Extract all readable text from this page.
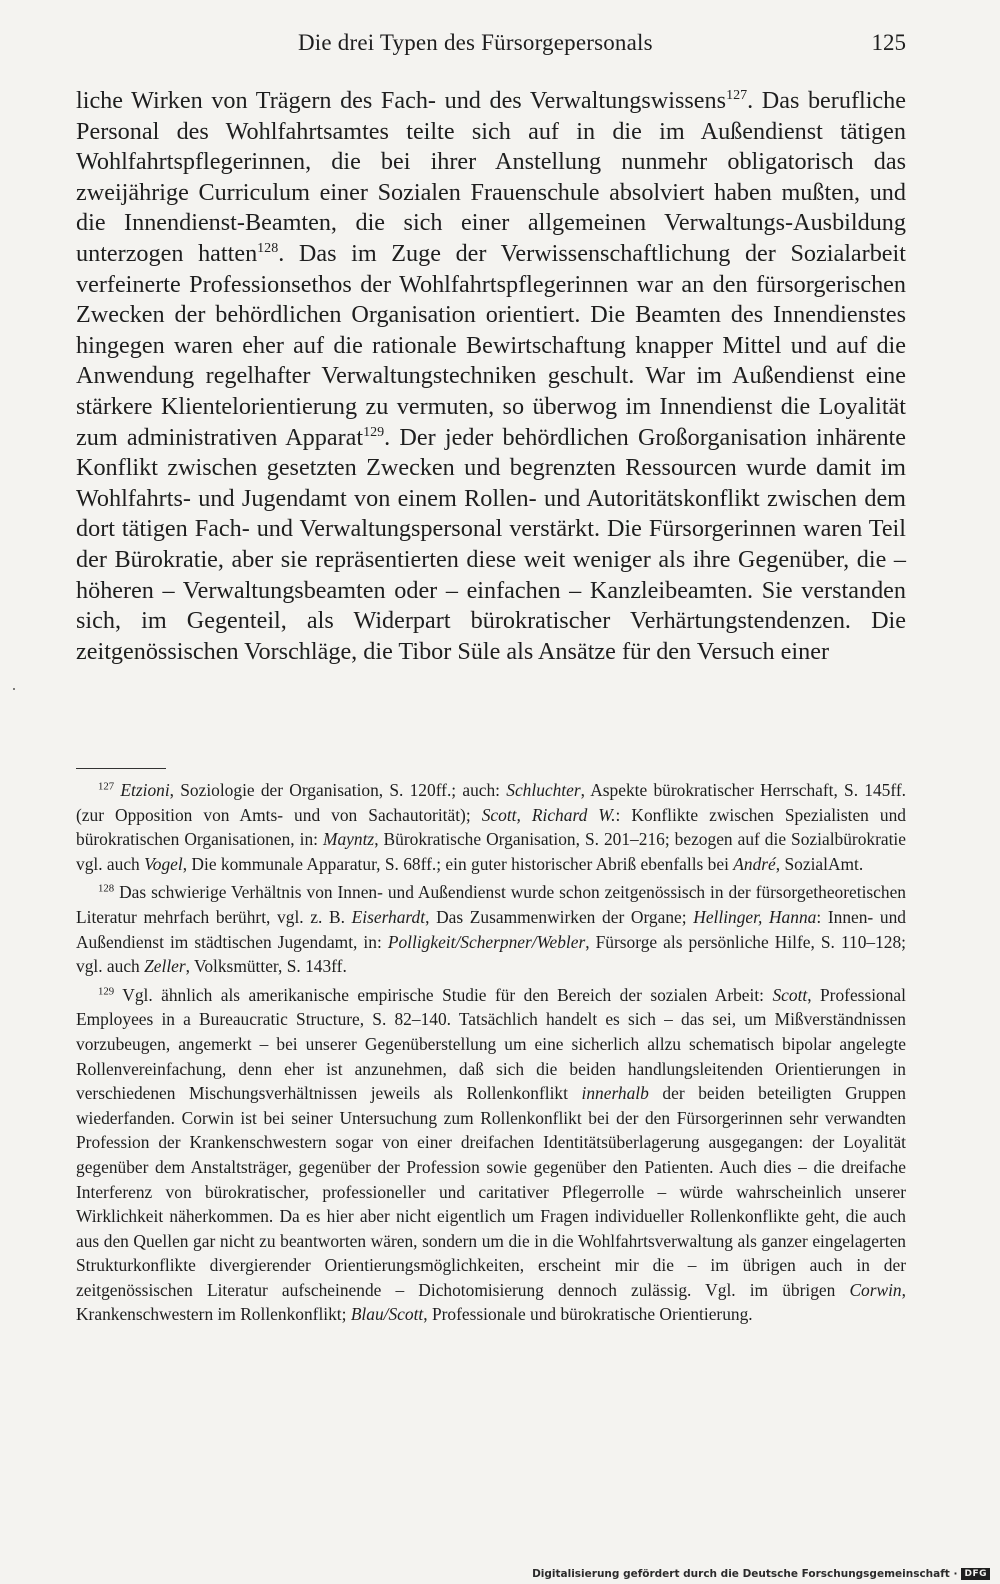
Die drei Typen des Fürsorgepersonals	125

liche Wirken von Trägern des Fach- und des Verwaltungswissens$^{127}$. Das berufliche Personal des Wohlfahrtsamtes teilte sich auf in die im Außendienst tätigen Wohlfahrtspflegerinnen, die bei ihrer Anstellung nunmehr obligatorisch das zweijährige Curriculum einer Sozialen Frauenschule absolviert haben mußten, und die Innendienst-Beamten, die sich einer allgemeinen Verwaltungs-Ausbildung unterzogen hatten$^{128}$. Das im Zuge der Verwissenschaftlichung der Sozialarbeit verfeinerte Professionsethos der Wohlfahrtspflegerinnen war an den fürsorgerischen Zwecken der behördlichen Organisation orientiert. Die Beamten des Innendienstes hingegen waren eher auf die rationale Bewirtschaftung knapper Mittel und auf die Anwendung regelhafter Verwaltungstechniken geschult. War im Außendienst eine stärkere Klientelorientierung zu vermuten, so überwog im Innendienst die Loyalität zum administrativen Apparat$^{129}$. Der jeder behördlichen Großorganisation inhärente Konflikt zwischen gesetzten Zwecken und begrenzten Ressourcen wurde damit im Wohlfahrts- und Jugendamt von einem Rollen- und Autoritätskonflikt zwischen dem dort tätigen Fach- und Verwaltungspersonal verstärkt. Die Fürsorgerinnen waren Teil der Bürokratie, aber sie repräsentierten diese weit weniger als ihre Gegenüber, die – höheren – Verwaltungsbeamten oder – einfachen – Kanzleibeamten. Sie verstanden sich, im Gegenteil, als Widerpart bürokratischer Verhärtungstendenzen. Die zeitgenössischen Vorschläge, die Tibor Süle als Ansätze für den Versuch einer

$^{127}$ Etzioni, Soziologie der Organisation, S. 120ff.; auch: Schluchter, Aspekte bürokratischer Herrschaft, S. 145ff. (zur Opposition von Amts- und von Sachautorität); Scott, Richard W.: Konflikte zwischen Spezialisten und bürokratischen Organisationen, in: Mayntz, Bürokratische Organisation, S. 201–216; bezogen auf die Sozialbürokratie vgl. auch Vogel, Die kommunale Apparatur, S. 68ff.; ein guter historischer Abriß ebenfalls bei André, SozialAmt.

$^{128}$ Das schwierige Verhältnis von Innen- und Außendienst wurde schon zeitgenössisch in der fürsorgetheoretischen Literatur mehrfach berührt, vgl. z. B. Eiserhardt, Das Zusammenwirken der Organe; Hellinger, Hanna: Innen- und Außendienst im städtischen Jugendamt, in: Polligkeit/Scherpner/Webler, Fürsorge als persönliche Hilfe, S. 110–128; vgl. auch Zeller, Volksmütter, S. 143ff.

$^{129}$ Vgl. ähnlich als amerikanische empirische Studie für den Bereich der sozialen Arbeit: Scott, Professional Employees in a Bureaucratic Structure, S. 82–140. Tatsächlich handelt es sich – das sei, um Mißverständnissen vorzubeugen, angemerkt – bei unserer Gegenüberstellung um eine sicherlich allzu schematisch bipolar angelegte Rollenvereinfachung, denn eher ist anzunehmen, daß sich die beiden handlungsleitenden Orientierungen in verschiedenen Mischungsverhältnissen jeweils als Rollenkonflikt innerhalb der beiden beteiligten Gruppen wiederfanden. Corwin ist bei seiner Untersuchung zum Rollenkonflikt bei der den Fürsorgerinnen sehr verwandten Profession der Krankenschwestern sogar von einer dreifachen Identitätsüberlagerung ausgegangen: der Loyalität gegenüber dem Anstaltsträger, gegenüber der Profession sowie gegenüber den Patienten. Auch dies – die dreifache Interferenz von bürokratischer, professioneller und caritativer Pflegerrolle – würde wahrscheinlich unserer Wirklichkeit näherkommen. Da es hier aber nicht eigentlich um Fragen individueller Rollenkonflikte geht, die auch aus den Quellen gar nicht zu beantworten wären, sondern um die in die Wohlfahrtsverwaltung als ganzer eingelagerten Strukturkonflikte divergierender Orientierungsmöglichkeiten, erscheint mir die – im übrigen auch in der zeitgenössischen Literatur aufscheinende – Dichotomisierung dennoch zulässig. Vgl. im übrigen Corwin, Krankenschwestern im Rollenkonflikt; Blau/Scott, Professionale und bürokratische Orientierung.

Digitalisierung gefördert durch die Deutsche Forschungsgemeinschaft · DFG
